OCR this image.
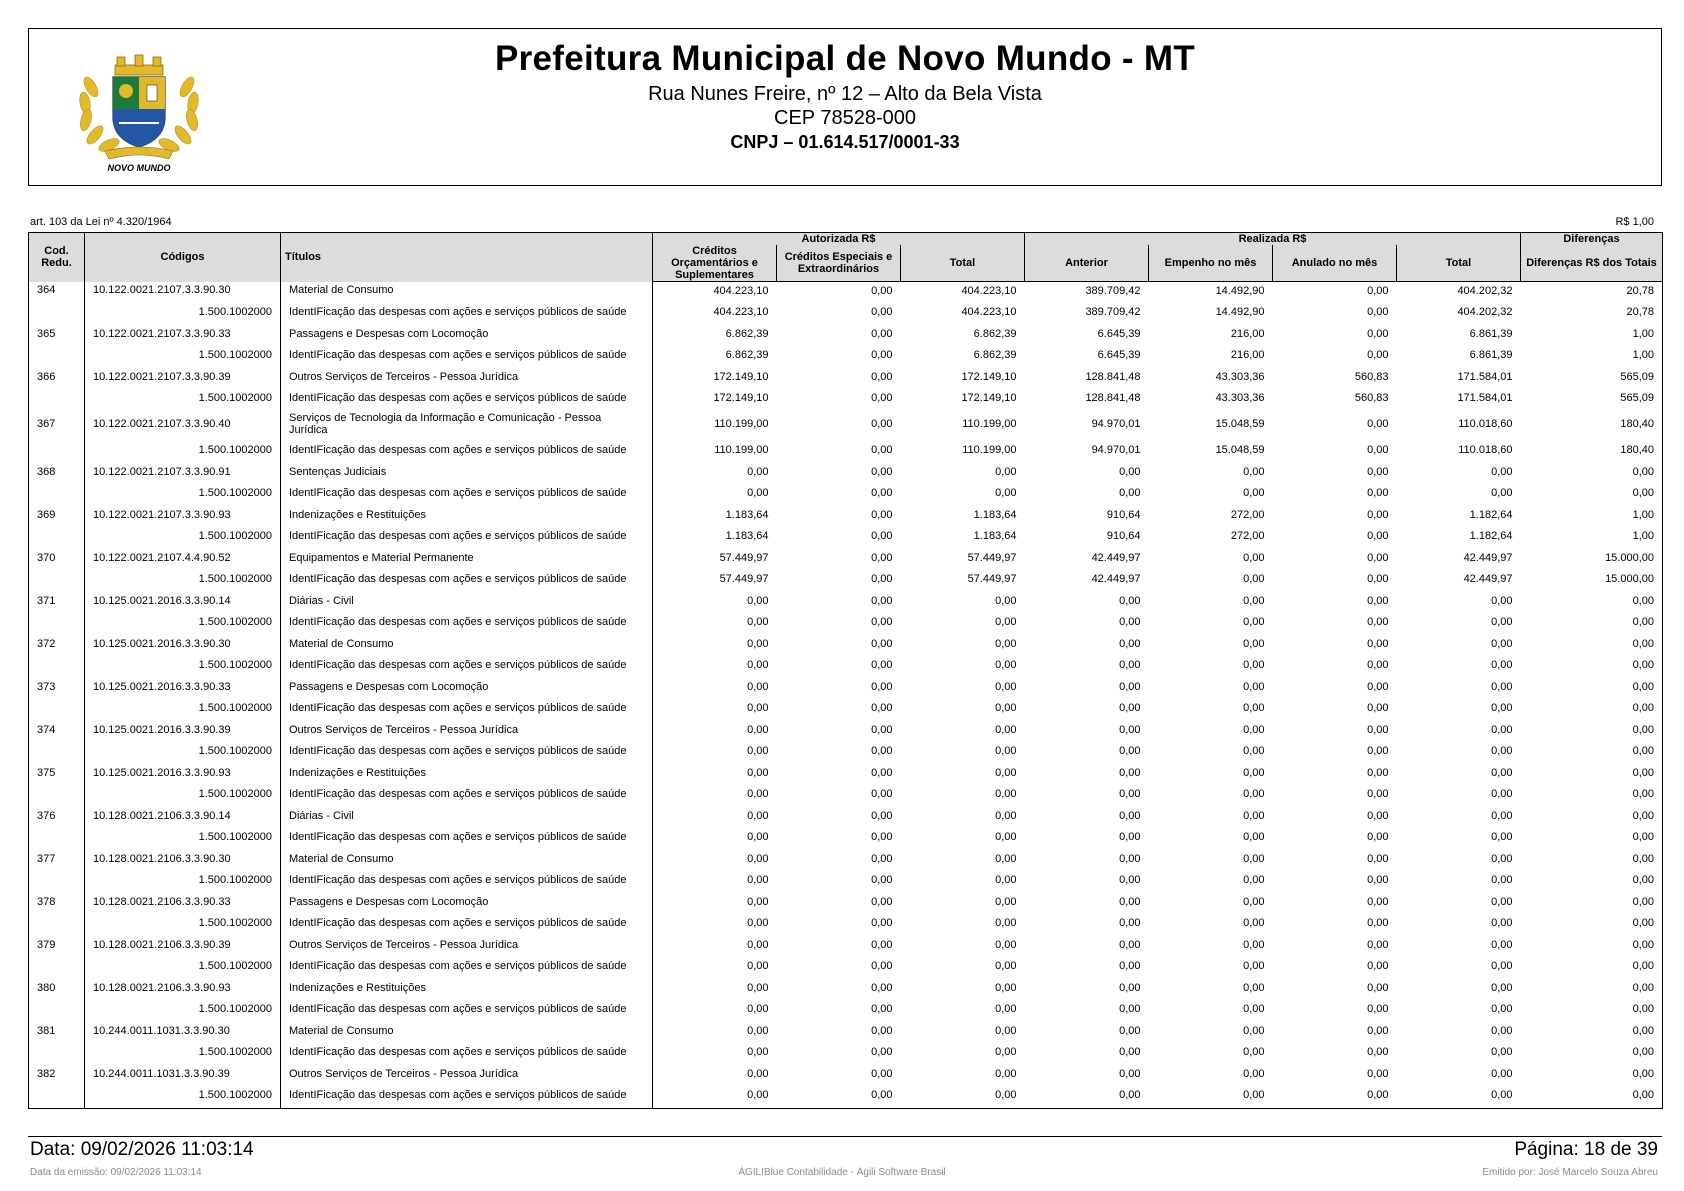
NOVO MUNDO
Prefeitura Municipal de Novo Mundo - MT
Rua Nunes Freire, nº 12 – Alto da Bela Vista
CEP 78528-000
CNPJ – 01.614.517/0001-33
art. 103 da Lei nº 4.320/1964	R$ 1,00
Cod. Redu.	Códigos	Títulos	Autorizada R$			Realizada R$				Diferenças
			Créditos Orçamentários e Suplementares	Créditos Especiais e Extraordinários	Total	Anterior	Empenho no mês	Anulado no mês	Total	Diferenças R$ dos Totais
364	10.122.0021.2107.3.3.90.30	Material de Consumo	404.223,10	0,00	404.223,10	389.709,42	14.492,90	0,00	404.202,32	20,78
	1.500.1002000	IdentIFicação das despesas com ações e serviços públicos de saúde	404.223,10	0,00	404.223,10	389.709,42	14.492,90	0,00	404.202,32	20,78
365	10.122.0021.2107.3.3.90.33	Passagens e Despesas com Locomoção	6.862,39	0,00	6.862,39	6.645,39	216,00	0,00	6.861,39	1,00
	1.500.1002000	IdentIFicação das despesas com ações e serviços públicos de saúde	6.862,39	0,00	6.862,39	6.645,39	216,00	0,00	6.861,39	1,00
366	10.122.0021.2107.3.3.90.39	Outros Serviços de Terceiros - Pessoa Jurídica	172.149,10	0,00	172.149,10	128.841,48	43.303,36	560,83	171.584,01	565,09
	1.500.1002000	IdentIFicação das despesas com ações e serviços públicos de saúde	172.149,10	0,00	172.149,10	128.841,48	43.303,36	560,83	171.584,01	565,09
367	10.122.0021.2107.3.3.90.40	Serviços de Tecnologia da Informação e Comunicação - Pessoa Jurídica	110.199,00	0,00	110.199,00	94.970,01	15.048,59	0,00	110.018,60	180,40
	1.500.1002000	IdentIFicação das despesas com ações e serviços públicos de saúde	110.199,00	0,00	110.199,00	94.970,01	15.048,59	0,00	110.018,60	180,40
368	10.122.0021.2107.3.3.90.91	Sentenças Judiciais	0,00	0,00	0,00	0,00	0,00	0,00	0,00	0,00
	1.500.1002000	IdentIFicação das despesas com ações e serviços públicos de saúde	0,00	0,00	0,00	0,00	0,00	0,00	0,00	0,00
369	10.122.0021.2107.3.3.90.93	Indenizações e Restituições	1.183,64	0,00	1.183,64	910,64	272,00	0,00	1.182,64	1,00
	1.500.1002000	IdentIFicação das despesas com ações e serviços públicos de saúde	1.183,64	0,00	1.183,64	910,64	272,00	0,00	1.182,64	1,00
370	10.122.0021.2107.4.4.90.52	Equipamentos e Material Permanente	57.449,97	0,00	57.449,97	42.449,97	0,00	0,00	42.449,97	15.000,00
	1.500.1002000	IdentIFicação das despesas com ações e serviços públicos de saúde	57.449,97	0,00	57.449,97	42.449,97	0,00	0,00	42.449,97	15.000,00
371	10.125.0021.2016.3.3.90.14	Diárias - Civil	0,00	0,00	0,00	0,00	0,00	0,00	0,00	0,00
	1.500.1002000	IdentIFicação das despesas com ações e serviços públicos de saúde	0,00	0,00	0,00	0,00	0,00	0,00	0,00	0,00
372	10.125.0021.2016.3.3.90.30	Material de Consumo	0,00	0,00	0,00	0,00	0,00	0,00	0,00	0,00
	1.500.1002000	IdentIFicação das despesas com ações e serviços públicos de saúde	0,00	0,00	0,00	0,00	0,00	0,00	0,00	0,00
373	10.125.0021.2016.3.3.90.33	Passagens e Despesas com Locomoção	0,00	0,00	0,00	0,00	0,00	0,00	0,00	0,00
	1.500.1002000	IdentIFicação das despesas com ações e serviços públicos de saúde	0,00	0,00	0,00	0,00	0,00	0,00	0,00	0,00
374	10.125.0021.2016.3.3.90.39	Outros Serviços de Terceiros - Pessoa Jurídica	0,00	0,00	0,00	0,00	0,00	0,00	0,00	0,00
	1.500.1002000	IdentIFicação das despesas com ações e serviços públicos de saúde	0,00	0,00	0,00	0,00	0,00	0,00	0,00	0,00
375	10.125.0021.2016.3.3.90.93	Indenizações e Restituições	0,00	0,00	0,00	0,00	0,00	0,00	0,00	0,00
	1.500.1002000	IdentIFicação das despesas com ações e serviços públicos de saúde	0,00	0,00	0,00	0,00	0,00	0,00	0,00	0,00
376	10.128.0021.2106.3.3.90.14	Diárias - Civil	0,00	0,00	0,00	0,00	0,00	0,00	0,00	0,00
	1.500.1002000	IdentIFicação das despesas com ações e serviços públicos de saúde	0,00	0,00	0,00	0,00	0,00	0,00	0,00	0,00
377	10.128.0021.2106.3.3.90.30	Material de Consumo	0,00	0,00	0,00	0,00	0,00	0,00	0,00	0,00
	1.500.1002000	IdentIFicação das despesas com ações e serviços públicos de saúde	0,00	0,00	0,00	0,00	0,00	0,00	0,00	0,00
378	10.128.0021.2106.3.3.90.33	Passagens e Despesas com Locomoção	0,00	0,00	0,00	0,00	0,00	0,00	0,00	0,00
	1.500.1002000	IdentIFicação das despesas com ações e serviços públicos de saúde	0,00	0,00	0,00	0,00	0,00	0,00	0,00	0,00
379	10.128.0021.2106.3.3.90.39	Outros Serviços de Terceiros - Pessoa Jurídica	0,00	0,00	0,00	0,00	0,00	0,00	0,00	0,00
	1.500.1002000	IdentIFicação das despesas com ações e serviços públicos de saúde	0,00	0,00	0,00	0,00	0,00	0,00	0,00	0,00
380	10.128.0021.2106.3.3.90.93	Indenizações e Restituições	0,00	0,00	0,00	0,00	0,00	0,00	0,00	0,00
	1.500.1002000	IdentIFicação das despesas com ações e serviços públicos de saúde	0,00	0,00	0,00	0,00	0,00	0,00	0,00	0,00
381	10.244.0011.1031.3.3.90.30	Material de Consumo	0,00	0,00	0,00	0,00	0,00	0,00	0,00	0,00
	1.500.1002000	IdentIFicação das despesas com ações e serviços públicos de saúde	0,00	0,00	0,00	0,00	0,00	0,00	0,00	0,00
382	10.244.0011.1031.3.3.90.39	Outros Serviços de Terceiros - Pessoa Jurídica	0,00	0,00	0,00	0,00	0,00	0,00	0,00	0,00
	1.500.1002000	IdentIFicação das despesas com ações e serviços públicos de saúde	0,00	0,00	0,00	0,00	0,00	0,00	0,00	0,00
Data: 09/02/2026 11:03:14	Página: 18 de 39
Data da emissão: 09/02/2026 11:03:14	ÁGILIBlue Contabilidade - Ágili Software Brasil	Emitido por: José Marcelo Souza Abreu
